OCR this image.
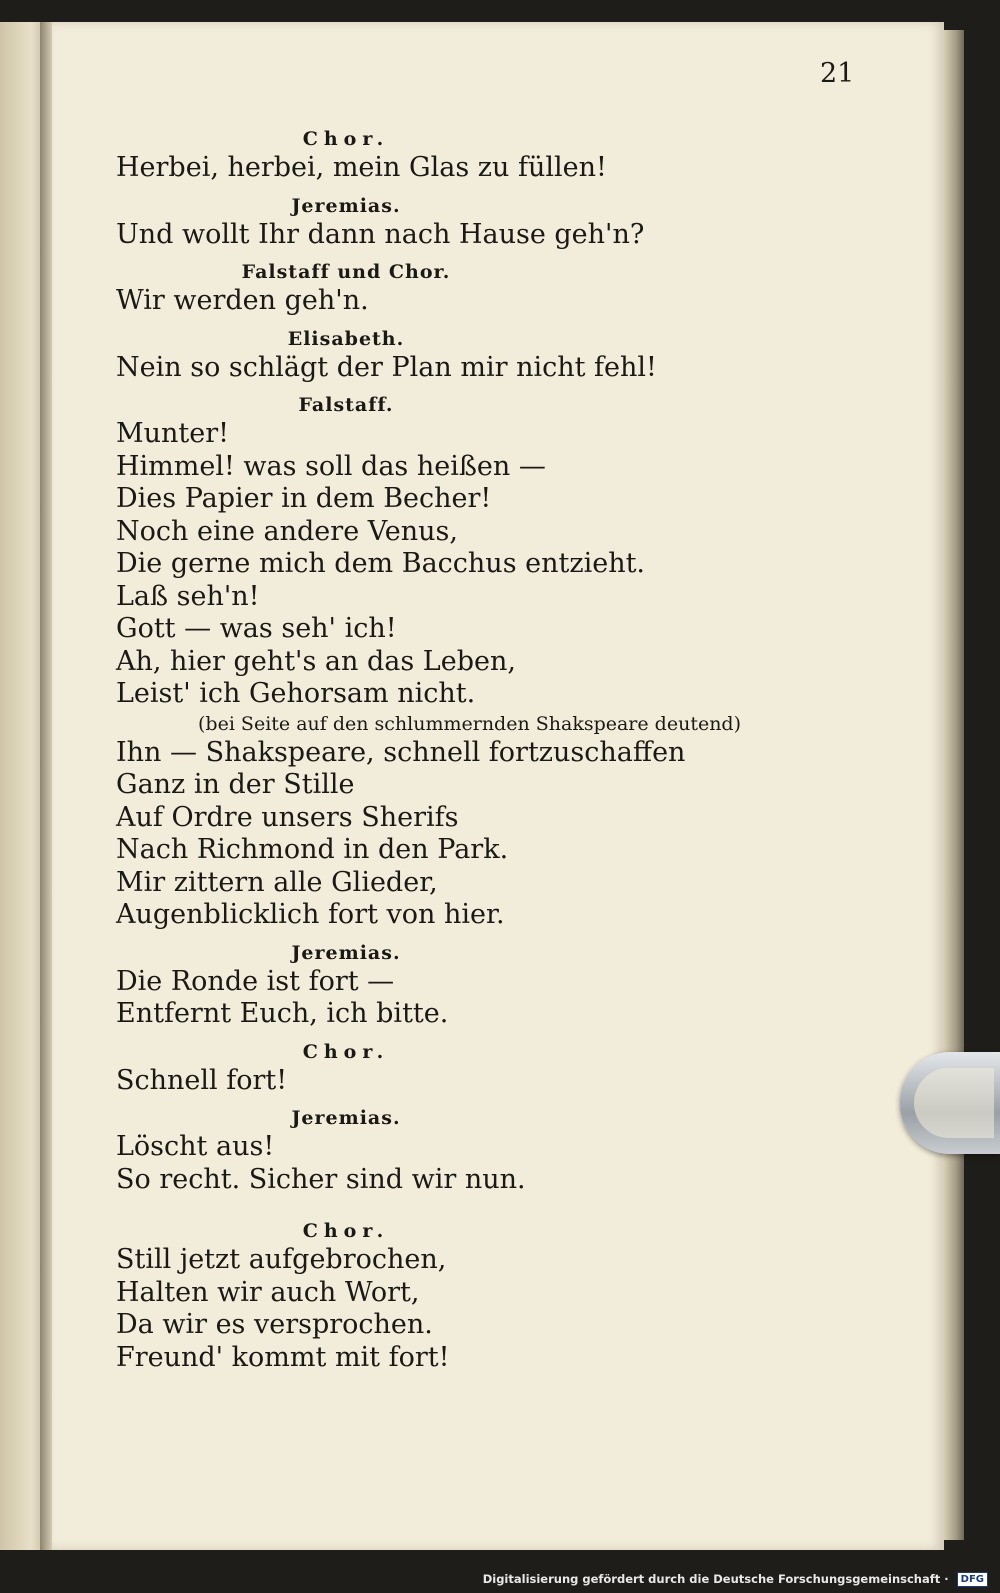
21
Chor.
Herbei, herbei, mein Glas zu füllen!
Jeremias.
Und wollt Ihr dann nach Hause geh'n?
Falstaff und Chor.
Wir werden geh'n.
Elisabeth.
Nein so schlägt der Plan mir nicht fehl!
Falstaff.
Munter!
Himmel! was soll das heißen —
Dies Papier in dem Becher!
Noch eine andere Venus,
Die gerne mich dem Bacchus entzieht.
Laß seh'n!
Gott — was seh' ich!
Ah, hier geht's an das Leben,
Leist' ich Gehorsam nicht.
(bei Seite auf den schlummernden Shakspeare deutend)
Ihn — Shakspeare, schnell fortzuschaffen
Ganz in der Stille
Auf Ordre unsers Sherifs
Nach Richmond in den Park.
Mir zittern alle Glieder,
Augenblicklich fort von hier.
Jeremias.
Die Ronde ist fort —
Entfernt Euch, ich bitte.
Chor.
Schnell fort!
Jeremias.
Löscht aus!
So recht. Sicher sind wir nun.
Chor.
Still jetzt aufgebrochen,
Halten wir auch Wort,
Da wir es versprochen.
Freund' kommt mit fort!
Digitalisierung gefördert durch die Deutsche Forschungsgemeinschaft · DFG
